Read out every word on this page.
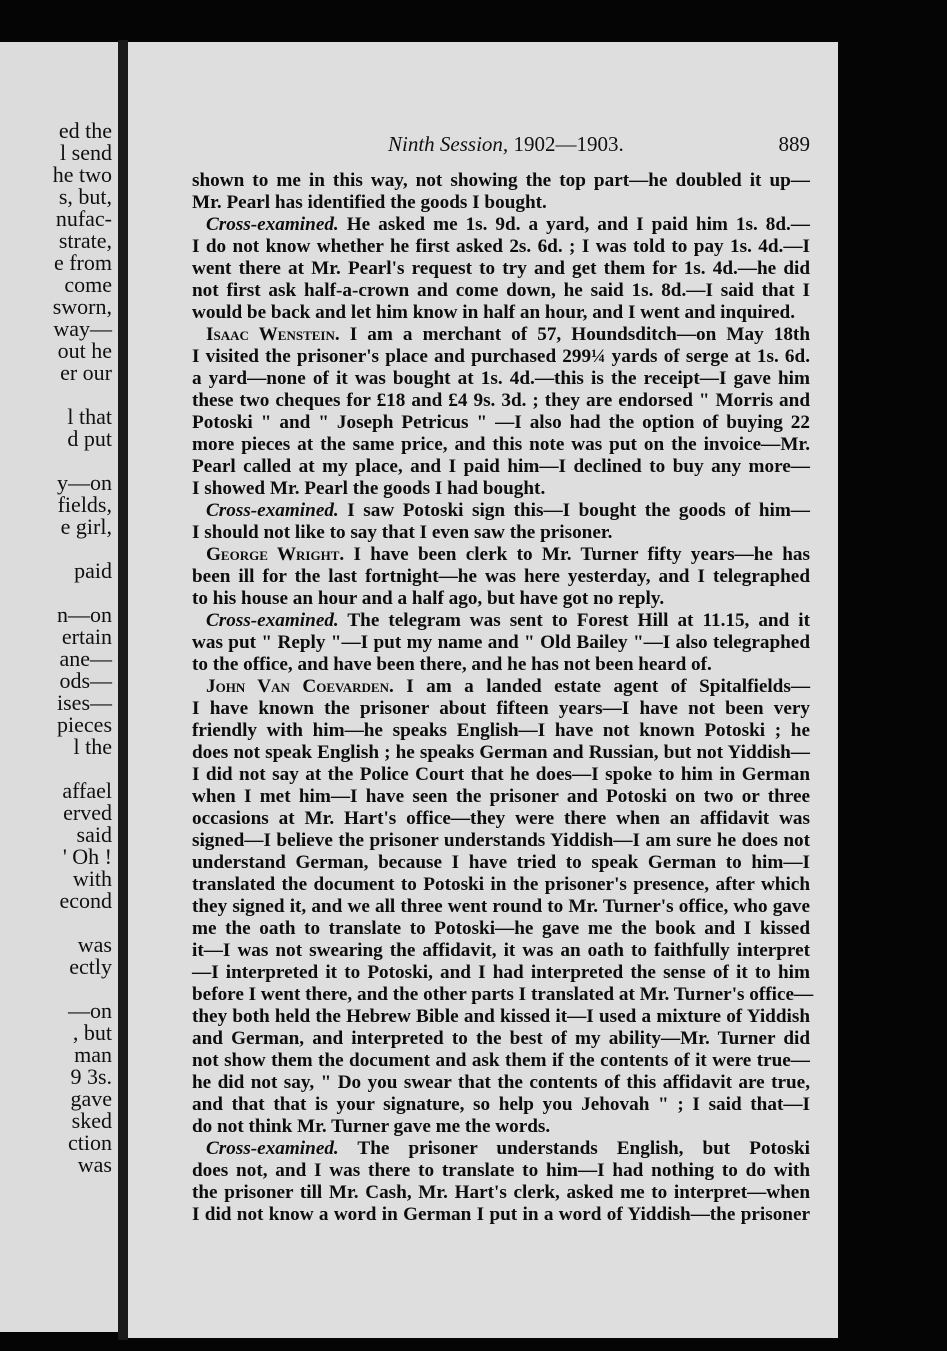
ed the
l send
he two
s, but,
nufac-
strate,
e from
come
sworn,
way—
out he
er our
l that
d put
y—on
fields,
e girl,
paid
n—on
ertain
ane—
ods—
ises—
pieces
l the
affael
erved
said
' Oh !
with
econd
was
ectly
—on
, but
man
9 3s.
gave
sked
ction
was
Ninth Session, 1902—1903.	889
shown to me in this way, not showing the top part—he doubled it up—
Mr. Pearl has identified the goods I bought.
Cross-examined. He asked me 1s. 9d. a yard, and I paid him 1s. 8d.—
I do not know whether he first asked 2s. 6d. ; I was told to pay 1s. 4d.—I
went there at Mr. Pearl's request to try and get them for 1s. 4d.—he did
not first ask half-a-crown and come down, he said 1s. 8d.—I said that I
would be back and let him know in half an hour, and I went and inquired.
Isaac Wenstein. I am a merchant of 57, Houndsditch—on May 18th
I visited the prisoner's place and purchased 299¼ yards of serge at 1s. 6d.
a yard—none of it was bought at 1s. 4d.—this is the receipt—I gave him
these two cheques for £18 and £4 9s. 3d. ; they are endorsed " Morris and
Potoski " and " Joseph Petricus " —I also had the option of buying 22
more pieces at the same price, and this note was put on the invoice—Mr.
Pearl called at my place, and I paid him—I declined to buy any more—
I showed Mr. Pearl the goods I had bought.
Cross-examined. I saw Potoski sign this—I bought the goods of him—
I should not like to say that I even saw the prisoner.
George Wright. I have been clerk to Mr. Turner fifty years—he has
been ill for the last fortnight—he was here yesterday, and I telegraphed
to his house an hour and a half ago, but have got no reply.
Cross-examined. The telegram was sent to Forest Hill at 11.15, and it
was put " Reply "—I put my name and " Old Bailey "—I also telegraphed
to the office, and have been there, and he has not been heard of.
John Van Coevarden. I am a landed estate agent of Spitalfields—
I have known the prisoner about fifteen years—I have not been very
friendly with him—he speaks English—I have not known Potoski ; he
does not speak English ; he speaks German and Russian, but not Yiddish—
I did not say at the Police Court that he does—I spoke to him in German
when I met him—I have seen the prisoner and Potoski on two or three
occasions at Mr. Hart's office—they were there when an affidavit was
signed—I believe the prisoner understands Yiddish—I am sure he does not
understand German, because I have tried to speak German to him—I
translated the document to Potoski in the prisoner's presence, after which
they signed it, and we all three went round to Mr. Turner's office, who gave
me the oath to translate to Potoski—he gave me the book and I kissed
it—I was not swearing the affidavit, it was an oath to faithfully interpret
—I interpreted it to Potoski, and I had interpreted the sense of it to him
before I went there, and the other parts I translated at Mr. Turner's office—
they both held the Hebrew Bible and kissed it—I used a mixture of Yiddish
and German, and interpreted to the best of my ability—Mr. Turner did
not show them the document and ask them if the contents of it were true—
he did not say, " Do you swear that the contents of this affidavit are true,
and that that is your signature, so help you Jehovah " ; I said that—I
do not think Mr. Turner gave me the words.
Cross-examined. The prisoner understands English, but Potoski
does not, and I was there to translate to him—I had nothing to do with
the prisoner till Mr. Cash, Mr. Hart's clerk, asked me to interpret—when
I did not know a word in German I put in a word of Yiddish—the prisoner
